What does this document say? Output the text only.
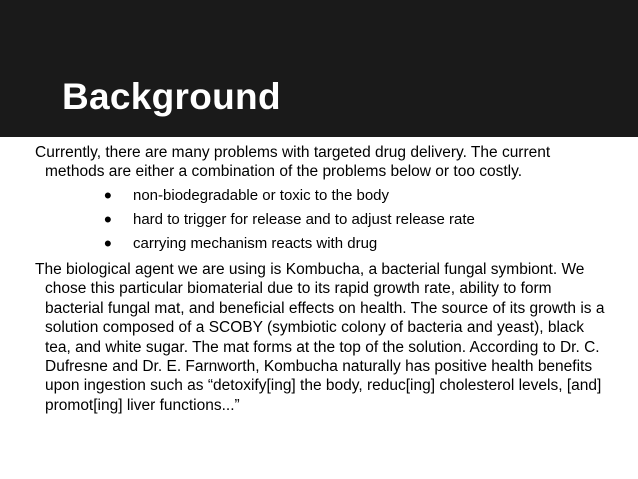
Background

Currently, there are many problems with targeted drug delivery. The current methods are either a combination of the problems below or too costly.

• non-biodegradable or toxic to the body
• hard to trigger for release and to adjust release rate
• carrying mechanism reacts with drug

The biological agent we are using is Kombucha, a bacterial fungal symbiont. We chose this particular biomaterial due to its rapid growth rate, ability to form bacterial fungal mat, and beneficial effects on health. The source of its growth is a solution composed of a SCOBY (symbiotic colony of bacteria and yeast), black tea, and white sugar. The mat forms at the top of the solution. According to Dr. C. Dufresne and Dr. E. Farnworth, Kombucha naturally has positive health benefits upon ingestion such as “detoxify[ing] the body, reduc[ing] cholesterol levels, [and] promot[ing] liver functions...”
